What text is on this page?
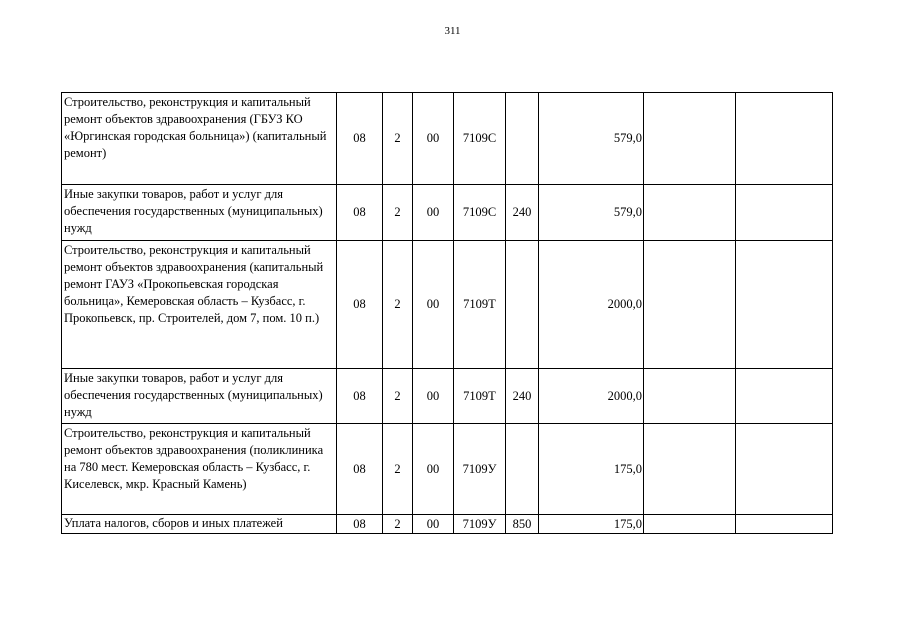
311
Строительство, реконструкция и капитальный ремонт объектов здравоохранения (ГБУЗ КО «Юргинская городская больница») (капитальный ремонт)	08	2	00	7109С		579,0		
Иные закупки товаров, работ и услуг для обеспечения государственных (муниципальных) нужд	08	2	00	7109С	240	579,0		
Строительство, реконструкция и капитальный ремонт объектов здравоохранения (капитальный ремонт ГАУЗ «Прокопьевская городская больница», Кемеровская область – Кузбасс, г. Прокопьевск, пр. Строителей, дом 7, пом. 10 п.)	08	2	00	7109Т		2000,0		
Иные закупки товаров, работ и услуг для обеспечения государственных (муниципальных) нужд	08	2	00	7109Т	240	2000,0		
Строительство, реконструкция и капитальный ремонт объектов здравоохранения (поликлиника на 780 мест. Кемеровская область – Кузбасс, г. Киселевск, мкр. Красный Камень)	08	2	00	7109У		175,0		
Уплата налогов, сборов и иных платежей	08	2	00	7109У	850	175,0		
